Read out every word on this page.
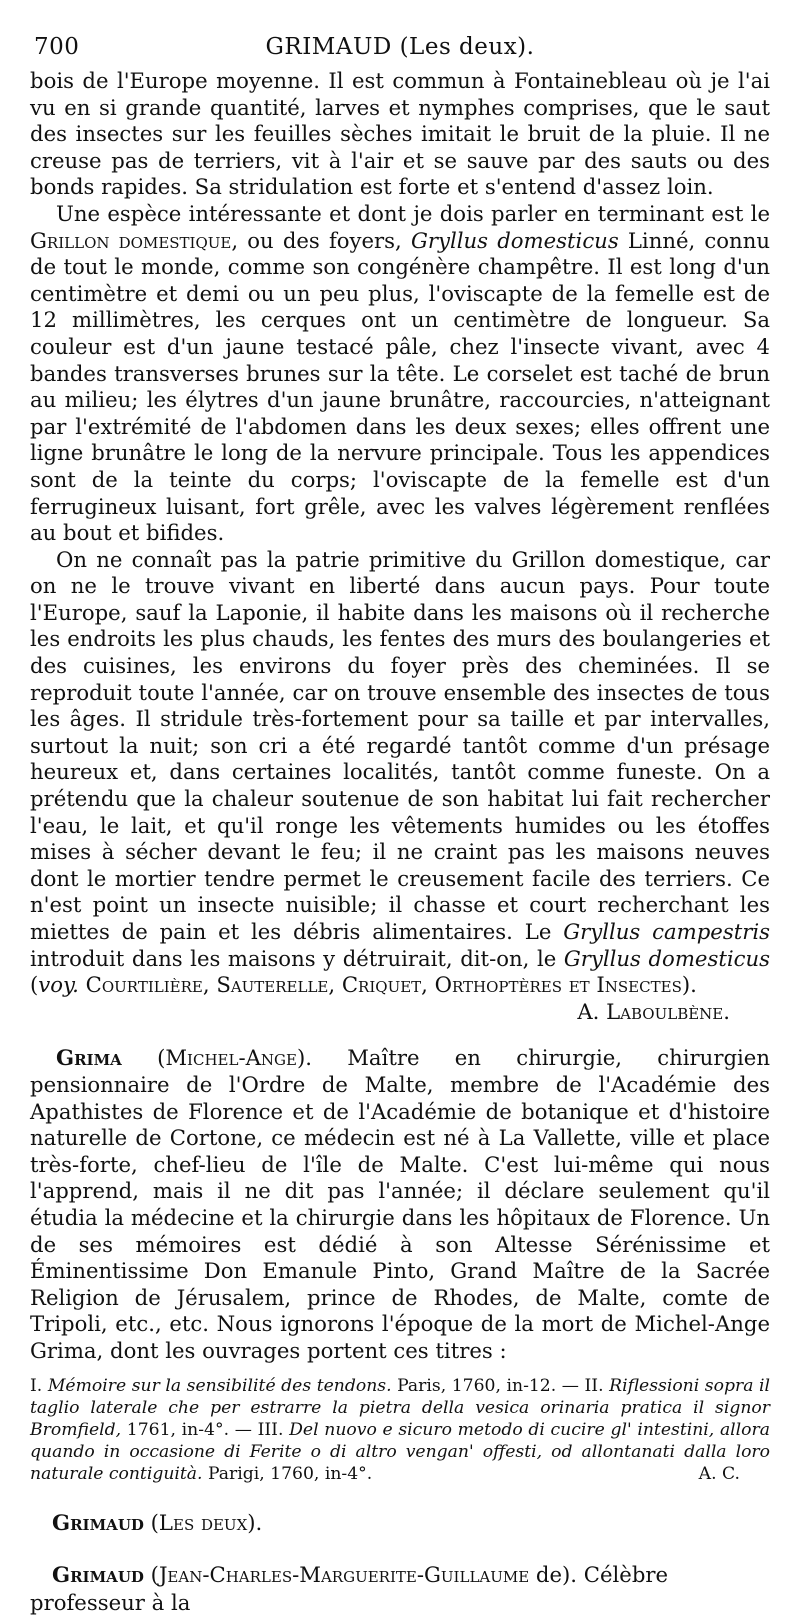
700	GRIMAUD (Les deux).

bois de l'Europe moyenne. Il est commun à Fontainebleau où je l'ai vu en si grande quantité, larves et nymphes comprises, que le saut des insectes sur les feuilles sèches imitait le bruit de la pluie. Il ne creuse pas de terriers, vit à l'air et se sauve par des sauts ou des bonds rapides. Sa stridulation est forte et s'entend d'assez loin.

Une espèce intéressante et dont je dois parler en terminant est le Grillon domestique, ou des foyers, Gryllus domesticus Linné, connu de tout le monde, comme son congénère champêtre. Il est long d'un centimètre et demi ou un peu plus, l'oviscapte de la femelle est de 12 millimètres, les cerques ont un centimètre de longueur. Sa couleur est d'un jaune testacé pâle, chez l'insecte vivant, avec 4 bandes transverses brunes sur la tête. Le corselet est taché de brun au milieu; les élytres d'un jaune brunâtre, raccourcies, n'atteignant par l'extrémité de l'abdomen dans les deux sexes; elles offrent une ligne brunâtre le long de la nervure principale. Tous les appendices sont de la teinte du corps; l'oviscapte de la femelle est d'un ferrugineux luisant, fort grêle, avec les valves légèrement renflées au bout et bifides.

On ne connaît pas la patrie primitive du Grillon domestique, car on ne le trouve vivant en liberté dans aucun pays. Pour toute l'Europe, sauf la Laponie, il habite dans les maisons où il recherche les endroits les plus chauds, les fentes des murs des boulangeries et des cuisines, les environs du foyer près des cheminées. Il se reproduit toute l'année, car on trouve ensemble des insectes de tous les âges. Il stridule très-fortement pour sa taille et par intervalles, surtout la nuit; son cri a été regardé tantôt comme d'un présage heureux et, dans certaines localités, tantôt comme funeste. On a prétendu que la chaleur soutenue de son habitat lui fait rechercher l'eau, le lait, et qu'il ronge les vêtements humides ou les étoffes mises à sécher devant le feu; il ne craint pas les maisons neuves dont le mortier tendre permet le creusement facile des terriers. Ce n'est point un insecte nuisible; il chasse et court recherchant les miettes de pain et les débris alimentaires. Le Gryllus campestris introduit dans les maisons y détruirait, dit-on, le Gryllus domesticus (voy. Courtilière, Sauterelle, Criquet, Orthoptères et Insectes).

A. Laboulbène.

Grima (Michel-Ange). Maître en chirurgie, chirurgien pensionnaire de l'Ordre de Malte, membre de l'Académie des Apathistes de Florence et de l'Académie de botanique et d'histoire naturelle de Cortone, ce médecin est né à La Vallette, ville et place très-forte, chef-lieu de l'île de Malte. C'est lui-même qui nous l'apprend, mais il ne dit pas l'année; il déclare seulement qu'il étudia la médecine et la chirurgie dans les hôpitaux de Florence. Un de ses mémoires est dédié à son Altesse Sérénissime et Éminentissime Don Emanule Pinto, Grand Maître de la Sacrée Religion de Jérusalem, prince de Rhodes, de Malte, comte de Tripoli, etc., etc. Nous ignorons l'époque de la mort de Michel-Ange Grima, dont les ouvrages portent ces titres :

I. Mémoire sur la sensibilité des tendons. Paris, 1760, in-12. — II. Riflessioni sopra il taglio laterale che per estrarre la pietra della vesica orinaria pratica il signor Bromfield, 1761, in-4°. — III. Del nuovo e sicuro metodo di cucire gl' intestini, allora quando in occasione di Ferite o di altro vengan' offesti, od allontanati dalla loro naturale contiguità. Parigi, 1760, in-4°.	A. C.
Grimaud (Les deux).
Grimaud (Jean-Charles-Marguerite-Guillaume de). Célèbre professeur à la
